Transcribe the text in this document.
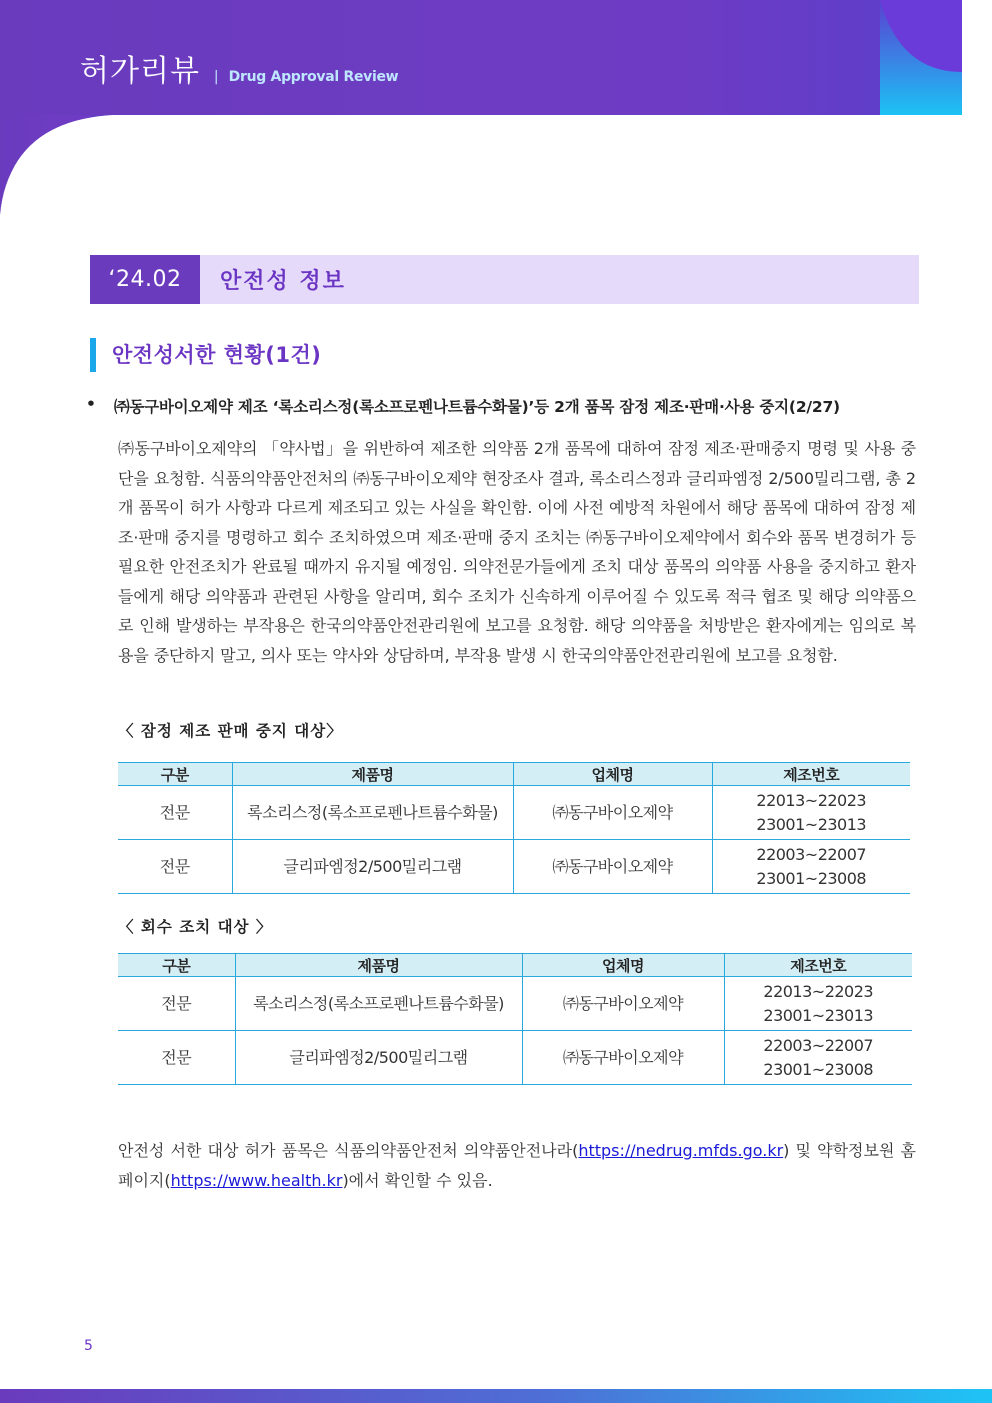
허가리뷰 | Drug Approval Review
‘24.02	안전성 정보
안전성서한 현황(1건)
•	㈜동구바이오제약 제조 ‘록소리스정(록소프로펜나트륨수화물)’등 2개 품목 잠정 제조·판매·사용 중지(2/27)
㈜동구바이오제약의 「약사법」을 위반하여 제조한 의약품 2개 품목에 대하여 잠정 제조·판매중지 명령 및 사용 중단을 요청함. 식품의약품안전처의 ㈜동구바이오제약 현장조사 결과, 록소리스정과 글리파엠정 2/500밀리그램, 총 2개 품목이 허가 사항과 다르게 제조되고 있는 사실을 확인함. 이에 사전 예방적 차원에서 해당 품목에 대하여 잠정 제조·판매 중지를 명령하고 회수 조치하였으며 제조·판매 중지 조치는 ㈜동구바이오제약에서 회수와 품목 변경허가 등 필요한 안전조치가 완료될 때까지 유지될 예정임. 의약전문가들에게 조치 대상 품목의 의약품 사용을 중지하고 환자들에게 해당 의약품과 관련된 사항을 알리며, 회수 조치가 신속하게 이루어질 수 있도록 적극 협조 및 해당 의약품으로 인해 발생하는 부작용은 한국의약품안전관리원에 보고를 요청함. 해당 의약품을 처방받은 환자에게는 임의로 복용을 중단하지 말고, 의사 또는 약사와 상담하며, 부작용 발생 시 한국의약품안전관리원에 보고를 요청함.
〈 잠정 제조 판매 중지 대상〉
구분	제품명	업체명	제조번호
전문	록소리스정(록소프로펜나트륨수화물)	㈜동구바이오제약	22013~22023
23001~23013
전문	글리파엠정2/500밀리그램	㈜동구바이오제약	22003~22007
23001~23008
〈 회수 조치 대상 〉
구분	제품명	업체명	제조번호
전문	록소리스정(록소프로펜나트륨수화물)	㈜동구바이오제약	22013~22023
23001~23013
전문	글리파엠정2/500밀리그램	㈜동구바이오제약	22003~22007
23001~23008
안전성 서한 대상 허가 품목은 식품의약품안전처 의약품안전나라(https://nedrug.mfds.go.kr) 및 약학정보원 홈페이지(https://www.health.kr)에서 확인할 수 있음.
5
